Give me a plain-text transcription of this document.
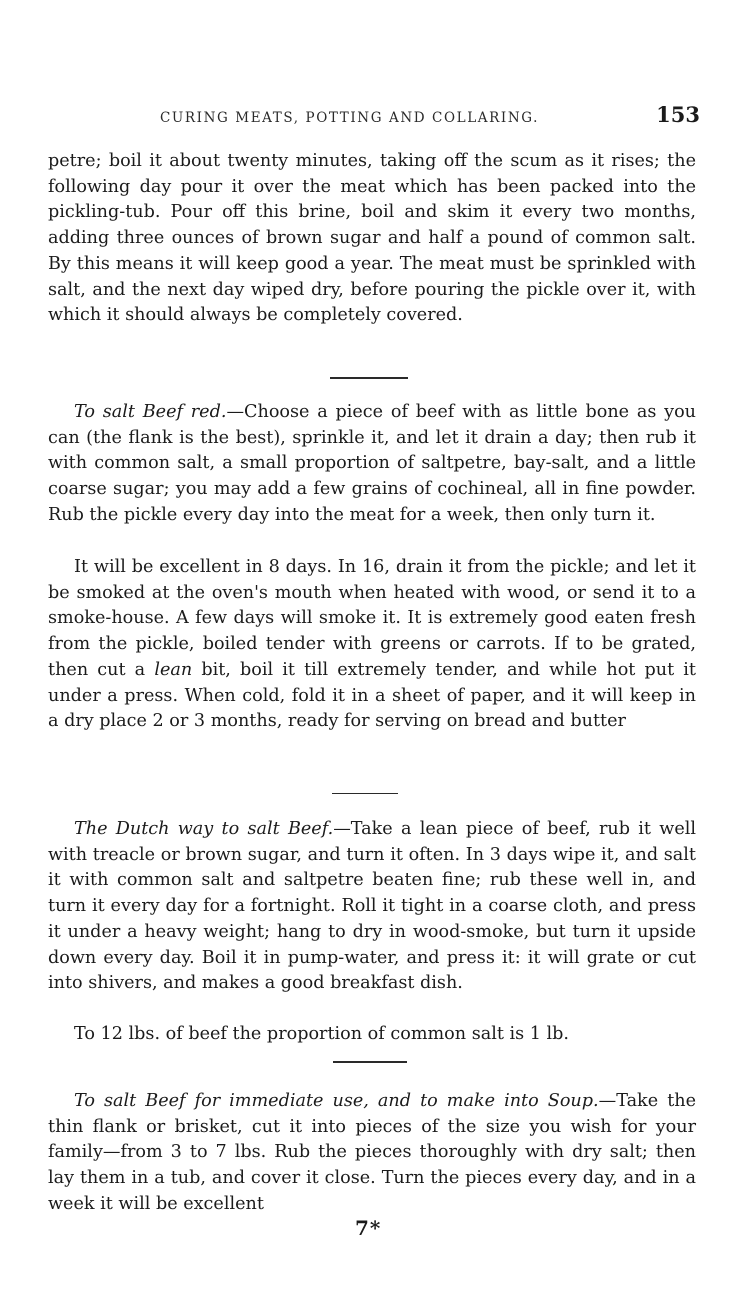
CURING MEATS, POTTING AND COLLARING.	153

petre; boil it about twenty minutes, taking off the scum as it rises; the following day pour it over the meat which has been packed into the pickling-tub. Pour off this brine, boil and skim it every two months, adding three ounces of brown sugar and half a pound of common salt. By this means it will keep good a year. The meat must be sprinkled with salt, and the next day wiped dry, before pouring the pickle over it, with which it should always be completely covered.

To salt Beef red.—Choose a piece of beef with as little bone as you can (the flank is the best), sprinkle it, and let it drain a day; then rub it with common salt, a small proportion of saltpetre, bay-salt, and a little coarse sugar; you may add a few grains of cochineal, all in fine powder. Rub the pickle every day into the meat for a week, then only turn it.

It will be excellent in 8 days. In 16, drain it from the pickle; and let it be smoked at the oven's mouth when heated with wood, or send it to a smoke-house. A few days will smoke it. It is extremely good eaten fresh from the pickle, boiled tender with greens or carrots. If to be grated, then cut a lean bit, boil it till extremely tender, and while hot put it under a press. When cold, fold it in a sheet of paper, and it will keep in a dry place 2 or 3 months, ready for serving on bread and butter

The Dutch way to salt Beef.—Take a lean piece of beef, rub it well with treacle or brown sugar, and turn it often. In 3 days wipe it, and salt it with common salt and saltpetre beaten fine; rub these well in, and turn it every day for a fortnight. Roll it tight in a coarse cloth, and press it under a heavy weight; hang to dry in wood-smoke, but turn it upside down every day. Boil it in pump-water, and press it: it will grate or cut into shivers, and makes a good breakfast dish.

To 12 lbs. of beef the proportion of common salt is 1 lb.

To salt Beef for immediate use, and to make into Soup.—Take the thin flank or brisket, cut it into pieces of the size you wish for your family—from 3 to 7 lbs. Rub the pieces thoroughly with dry salt; then lay them in a tub, and cover it close. Turn the pieces every day, and in a week it will be excellent

7*
